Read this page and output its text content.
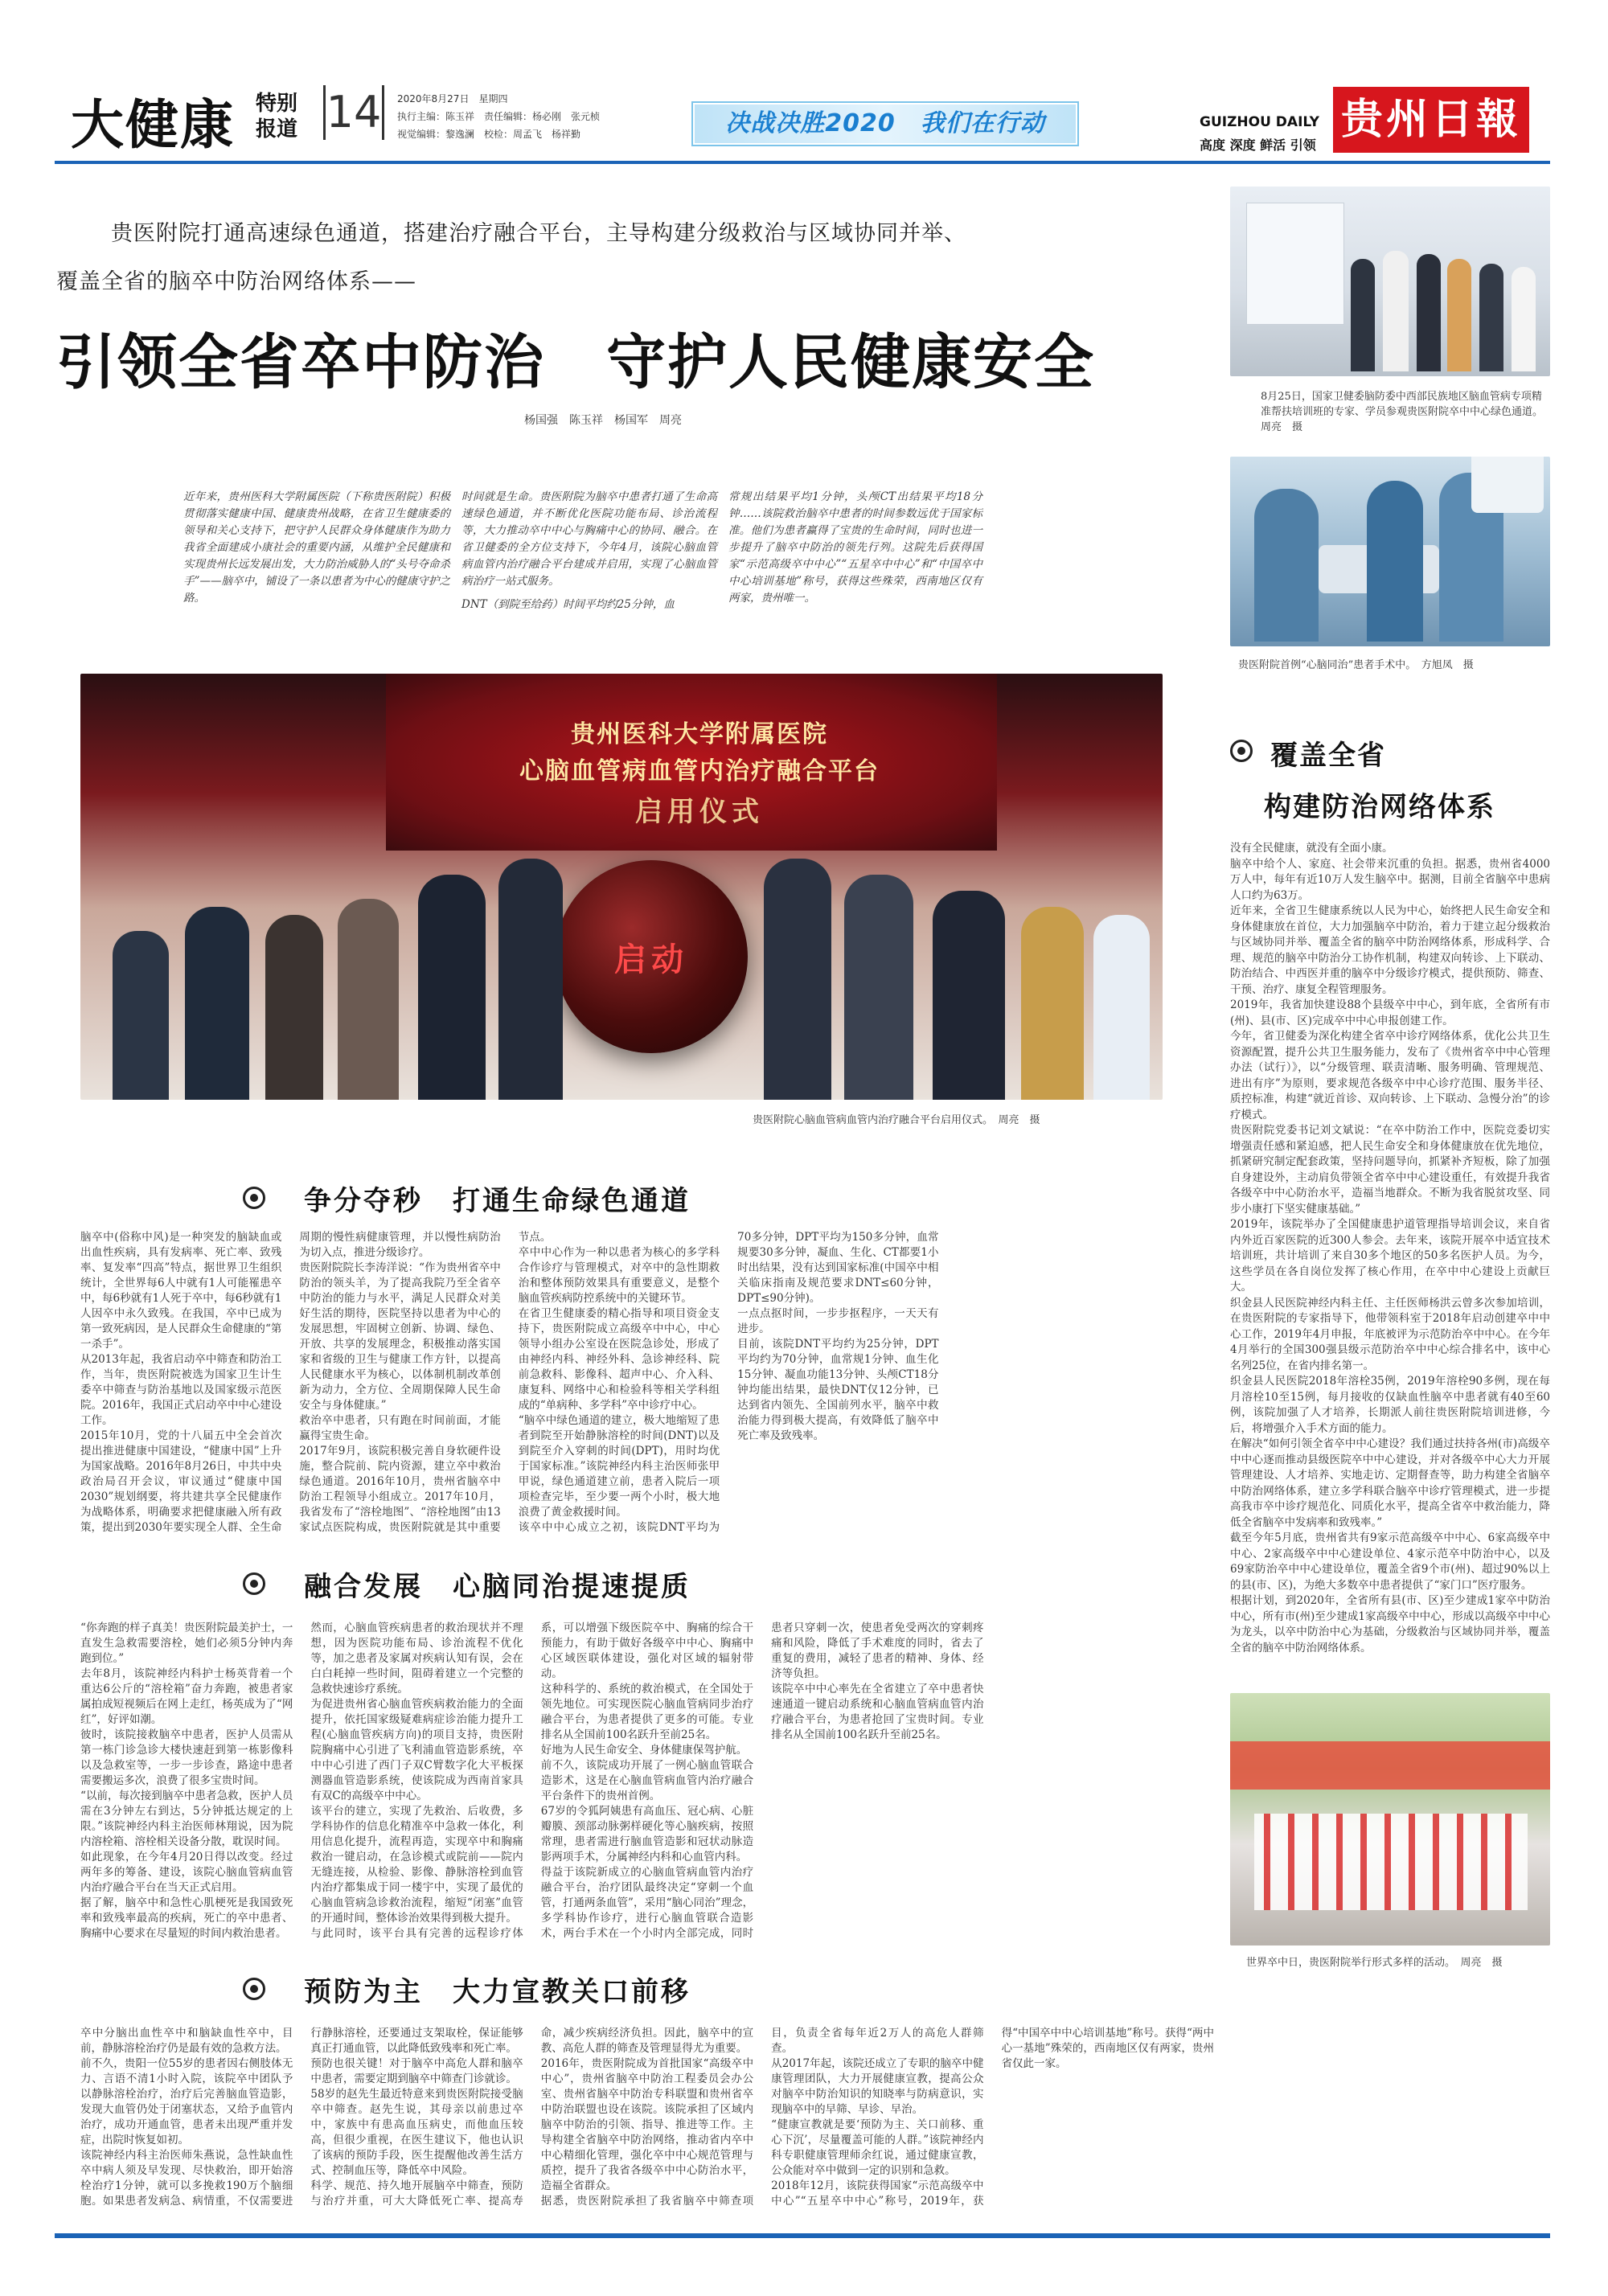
大健康 特别
报道 14 2020年8月27日　星期四
执行主编：陈玉祥　责任编辑：杨必刚　张元桢
视觉编辑：黎逸澜　校检：周孟飞　杨祥勤	决战决胜2020　我们在行动	GUIZHOU DAILY
高度 深度 鲜活 引领
贵州日報
贵医附院打通高速绿色通道，搭建治疗融合平台，主导构建分级救治与区域协同并举、
覆盖全省的脑卒中防治网络体系——
引领全省卒中防治　守护人民健康安全
杨国强　陈玉祥　杨国军　周亮
近年来，贵州医科大学附属医院（下称贵医附院）积极贯彻落实健康中国、健康贵州战略，在省卫生健康委的领导和关心支持下，把守护人民群众身体健康作为助力我省全面建成小康社会的重要内涵，从维护全民健康和实现贵州长远发展出发，大力防治威胁人的“头号夺命杀手”——脑卒中，铺设了一条以患者为中心的健康守护之路。
时间就是生命。贵医附院为脑卒中患者打通了生命高速绿色通道，并不断优化医院功能布局、诊治流程等，大力推动卒中中心与胸痛中心的协同、融合。在省卫健委的全方位支持下，今年4月，该院心脑血管病血管内治疗融合平台建成并启用，实现了心脑血管病治疗一站式服务。
DNT（到院至给药）时间平均约25分钟，血
常规出结果平均1分钟，头颅CT出结果平均18分钟……该院救治脑卒中患者的时间参数远优于国家标准。他们为患者赢得了宝贵的生命时间，同时也进一步提升了脑卒中防治的领先行列。这院先后获得国家“示范高级卒中中心”“五星卒中中心”和“中国卒中中心培训基地”称号，获得这些殊荣，西南地区仅有两家，贵州唯一。
贵州医科大学附属医院
心脑血管病血管内治疗融合平台
启用仪式
启动
贵医附院心脑血管病血管内治疗融合平台启用仪式。　周亮　摄
8月25日，国家卫健委脑防委中西部民族地区脑血管病专项精准帮扶培训班的专家、学员参观贵医附院卒中中心绿色通道。　周亮　摄
贵医附院首例“心脑同治”患者手术中。　方旭凤　摄
覆盖全省
构建防治网络体系
没有全民健康，就没有全面小康。
脑卒中给个人、家庭、社会带来沉重的负担。据悉，贵州省4000万人中，每年有近10万人发生脑卒中。据测，目前全省脑卒中患病人口约为63万。
近年来，全省卫生健康系统以人民为中心，始终把人民生命安全和身体健康放在首位，大力加强脑卒中防治，着力于建立起分级救治与区域协同并举、覆盖全省的脑卒中防治网络体系，形成科学、合理、规范的脑卒中防治分工协作机制，构建双向转诊、上下联动、防治结合、中西医并重的脑卒中分级诊疗模式，提供预防、筛查、干预、治疗、康复全程管理服务。
2019年，我省加快建设88个县级卒中中心，到年底，全省所有市(州)、县(市、区)完成卒中中心申报创建工作。
今年，省卫健委为深化构建全省卒中诊疗网络体系，优化公共卫生资源配置，提升公共卫生服务能力，发布了《贵州省卒中中心管理办法（试行）》，以“分级管理、联责清晰、服务明确、管理规范、进出有序”为原则，要求规范各级卒中中心诊疗范围、服务半径、质控标准，构建“就近首诊、双向转诊、上下联动、急慢分治”的诊疗模式。
贵医附院党委书记刘文斌说：“在卒中防治工作中，医院竞委切实增强责任感和紧迫感，把人民生命安全和身体健康放在优先地位，抓紧研究制定配套政策，坚持问题导向，抓紧补齐短板，除了加强自身建设外，主动肩负带领全省卒中中心建设重任，有效提升我省各级卒中中心防治水平，造福当地群众。不断为我省脱贫攻坚、同步小康打下坚实健康基础。”
2019年，该院举办了全国健康患护道管理指导培训会议，来自省内外近百家医院的近300人参会。去年来，该院开展卒中适宜技术培训班，共计培训了来自30多个地区的50多名医护人员。为今，这些学员在各自岗位发挥了核心作用，在卒中中心建设上贡献巨大。
织金县人民医院神经内科主任、主任医师杨洪云曾多次参加培训，在贵医附院的专家指导下，他带领科室于2018年启动创建卒中中心工作，2019年4月申报，年底被评为示范防治卒中中心。在今年4月举行的全国300强县级示范防治卒中中心综合排名中，该中心名列25位，在省内排名第一。
织金县人民医院2018年溶栓35例，2019年溶栓90多例，现在每月溶栓10至15例，每月接收的仅缺血性脑卒中患者就有40至60例，该院加强了人才培养，长期派人前往贵医附院培训进修，今后，将增强介入手术方面的能力。
在解决“如何引领全省卒中中心建设？我们通过扶持各州(市)高级卒中中心逐而推动县级医院卒中中心建设，并对各级卒中心大力开展管理建设、人才培养、实地走访、定期督查等，助力构建全省脑卒中防治网络体系，建立多学科联合脑卒中诊疗管理模式，进一步提高我市卒中诊疗规范化、同质化水平，提高全省卒中救治能力，降低全省脑卒中发病率和致残率。”
截至今年5月底，贵州省共有9家示范高级卒中中心、6家高级卒中中心、2家高级卒中中心建设单位、4家示范卒中防治中心，以及69家防治卒中中心建设单位，覆盖全省9个市(州)、超过90%以上的县(市、区)，为绝大多数卒中患者提供了“家门口”医疗服务。
根据计划，到2020年，全省所有县(市、区)至少建成1家卒中防治中心，所有市(州)至少建成1家高级卒中中心，形成以高级卒中中心为龙头，以卒中防治中心为基础，分级救治与区域协同并举，覆盖全省的脑卒中防治网络体系。
世界卒中日，贵医附院举行形式多样的活动。　周亮　摄
争分夺秒　打通生命绿色通道
脑卒中(俗称中风)是一种突发的脑缺血或出血性疾病，具有发病率、死亡率、致残率、复发率“四高”特点，据世界卫生组织统计，全世界每6人中就有1人可能罹患卒中，每6秒就有1人死于卒中，每6秒就有1人因卒中永久致残。在我国，卒中已成为第一致死病因，是人民群众生命健康的“第一杀手”。
从2013年起，我省启动卒中筛查和防治工作，当年，贵医附院被选为国家卫生计生委卒中筛查与防治基地以及国家级示范医院。2016年，我国正式启动卒中中心建设工作。
2015年10月，党的十八届五中全会首次提出推进健康中国建设，“健康中国”上升为国家战略。2016年8月26日，中共中央政治局召开会议，审议通过“健康中国2030”规划纲要，将共建共享全民健康作为战略体系，明确要求把健康融入所有政策，提出到2030年要实现全人群、全生命周期的慢性病健康管理，并以慢性病防治为切入点，推进分级诊疗。
贵医附院院长李涛洋说：“作为贵州省卒中防治的领头羊，为了提高我院乃至全省卒中防治的能力与水平，满足人民群众对美好生活的期待，医院坚持以患者为中心的发展思想，牢固树立创新、协调、绿色、开放、共享的发展理念，积极推动落实国家和省级的卫生与健康工作方针，以提高人民健康水平为核心，以体制机制改革创新为动力，全方位、全周期保障人民生命安全与身体健康。”
救治卒中患者，只有跑在时间前面，才能赢得宝贵生命。
2017年9月，该院积极完善自身软硬件设施，整合院前、院内资源，建立卒中救治绿色通道。2016年10月，贵州省脑卒中防治工程领导小组成立。2017年10月，我省发布了“溶栓地图”、“溶栓地图”由13家试点医院构成，贵医附院就是其中重要节点。
卒中中心作为一种以患者为核心的多学科合作诊疗与管理模式，对卒中的急性期救治和整体预防效果具有重要意义，是整个脑血管疾病防控系统中的关键环节。
在省卫生健康委的精心指导和项目资金支持下，贵医附院成立高级卒中中心，中心领导小组办公室设在医院急诊处，形成了由神经内科、神经外科、急诊神经科、院前急救科、影像科、超声中心、介入科、康复科、网络中心和检验科等相关学科组成的“单病种、多学科”卒中诊疗中心。
“脑卒中绿色通道的建立，极大地缩短了患者到院至开始静脉溶栓的时间(DNT)以及到院至介入穿刺的时间(DPT)，用时均优于国家标准。”该院神经内科主治医师张甲甲说，绿色通道建立前，患者入院后一项项检查完毕，至少要一两个小时，极大地浪费了黄金救援时间。
该卒中中心成立之初，该院DNT平均为70多分钟，DPT平均为150多分钟，血常规要30多分钟，凝血、生化、CT都要1小时出结果，没有达到国家标准(中国卒中相关临床指南及规范要求DNT≤60分钟，DPT≤90分钟)。
一点点抠时间，一步步抠程序，一天天有进步。
目前，该院DNT平均约为25分钟，DPT平均约为70分钟，血常规1分钟、血生化15分钟、凝血功能13分钟、头颅CT18分钟均能出结果，最快DNT仅12分钟，已达到省内领先、全国前列水平，脑卒中救治能力得到极大提高，有效降低了脑卒中死亡率及致残率。
融合发展　心脑同治提速提质
“你奔跑的样子真美！贵医附院最美护士，一直发生急救需要溶栓，她们必须5分钟内奔跑到位。”
去年8月，该院神经内科护士杨英背着一个重达6公斤的“溶栓箱”奋力奔跑，被患者家属拍成短视频后在网上走红，杨英成为了“网红”，好评如潮。
彼时，该院接救脑卒中患者，医护人员需从第一栋门诊急诊大楼快速赶到第一栋影像科以及急救室等，一步一步诊查，路途中患者需要搬运多次，浪费了很多宝贵时间。
“以前，每次接到脑卒中患者急救，医护人员需在3分钟左右到达，5分钟抵达规定的上限。”该院神经内科主治医师林翔说，因为院内溶栓箱、溶栓相关设备分散，耽误时间。
如此现象，在今年4月20日得以改变。经过两年多的筹备、建设，该院心脑血管病血管内治疗融合平台在当天正式启用。
据了解，脑卒中和急性心肌梗死是我国致死率和致残率最高的疾病，死亡的卒中患者、胸痛中心要求在尽量短的时间内救治患者。
然而，心脑血管疾病患者的救治现状并不理想，因为医院功能布局、诊治流程不优化等，加之患者及家属对疾病认知有误，会在白白耗掉一些时间，阻碍着建立一个完整的急救快速诊疗系统。
为促进贵州省心脑血管疾病救治能力的全面提升，依托国家级疑难病症诊治能力提升工程(心脑血管疾病方向)的项目支持，贵医附院胸痛中心引进了飞利浦血管造影系统，卒中中心引进了西门子双C臂数字化大平板探测器血管造影系统，使该院成为西南首家具有双C的高级卒中中心。
该平台的建立，实现了先救治、后收费，多学科协作的信息化精准卒中急救一体化，利用信息化提升，流程再造，实现卒中和胸痛救治一键启动，在急诊模式或院前——院内无缝连接，从检验、影像、静脉溶栓到血管内治疗都集成于同一楼宇中，实现了最优的心脑血管病急诊救治流程，缩短“闭塞”血管的开通时间，整体诊治效果得到极大提升。
与此同时，该平台具有完善的远程诊疗体系，可以增强下级医院卒中、胸痛的综合干预能力，有助于做好各级卒中中心、胸痛中心区域医联体建设，强化对区域的辐射带动。
这种科学的、系统的救治模式，在全国处于领先地位。可实现医院心脑血管病同步治疗融合平台，为患者提供了更多的可能。专业排名从全国前100名跃升至前25名。
好地为人民生命安全、身体健康保驾护航。
前不久，该院成功开展了一例心脑血管联合造影术，这是在心脑血管病血管内治疗融合平台条件下的贵州首例。
67岁的令狐阿姨患有高血压、冠心病、心脏瓣膜、颈部动脉粥样硬化等心脑疾病，按照常理，患者需进行脑血管造影和冠状动脉造影两项手术，分属神经内科和心血管内科。
得益于该院新成立的心脑血管病血管内治疗融合平台，治疗团队最终决定“穿刺一个血管，打通两条血管”，采用“脑心同治”理念，多学科协作诊疗，进行心脑血管联合造影术，两台手术在一个小时内全部完成，同时患者只穿刺一次，使患者免受两次的穿刺疼痛和风险，降低了手术难度的同时，省去了重复的费用，减轻了患者的精神、身体、经济等负担。
该院卒中中心率先在全省建立了卒中患者快速通道一键启动系统和心脑血管病血管内治疗融合平台，为患者抢回了宝贵时间。专业排名从全国前100名跃升至前25名。
预防为主　大力宣教关口前移
卒中分脑出血性卒中和脑缺血性卒中，目前，静脉溶栓治疗仍是最有效的急救方法。
前不久，贵阳一位55岁的患者因右侧肢体无力、言语不清1小时入院，该院卒中团队予以静脉溶栓治疗，治疗后完善脑血管造影，发现大血管仍处于闭塞状态，又给予血管内治疗，成功开通血管，患者未出现严重并发症，出院时恢复如初。
该院神经内科主治医师朱燕说，急性缺血性卒中病人须及早发现、尽快救治，即开始溶栓治疗1分钟，就可以多挽救190万个脑细胞。如果患者发病急、病情重，不仅需要进行静脉溶栓，还要通过支架取栓，保证能够真正打通血管，以此降低致残率和死亡率。
预防也很关键！对于脑卒中高危人群和脑卒中患者，需要定期到脑卒中筛查门诊就诊。
58岁的赵先生最近特意来到贵医附院接受脑卒中筛查。赵先生说，其母亲以前患过卒中，家族中有患高血压病史，而他血压较高，但很少重视，在医生建议下，他也认识了该病的预防手段，医生提醒他改善生活方式、控制血压等，降低卒中风险。
科学、规范、持久地开展脑卒中筛查，预防与治疗并重，可大大降低死亡率、提高寿命，减少疾病经济负担。因此，脑卒中的宣教、高危人群的筛查及管理显得尤为重要。
2016年，贵医附院成为首批国家“高级卒中中心”，贵州省脑卒中防治工程委员会办公室、贵州省脑卒中防治专科联盟和贵州省卒中防治联盟也设在该院。该院承担了区域内脑卒中防治的引领、指导、推进等工作。主导构建全省脑卒中防治网络，推动省内卒中中心精细化管理，强化卒中中心规范管理与质控，提升了我省各级卒中中心防治水平，造福全省群众。
据悉，贵医附院承担了我省脑卒中筛查项目，负责全省每年近2万人的高危人群筛查。
从2017年起，该院还成立了专职的脑卒中健康管理团队，大力开展健康宣教，提高公众对脑卒中防治知识的知晓率与防病意识，实现脑卒中的早筛、早诊、早治。
“健康宣教就是要‘预防为主、关口前移、重心下沉’，尽量覆盖可能的人群。”该院神经内科专职健康管理师余红说，通过健康宣教，公众能对卒中做到一定的识别和急救。
2018年12月，该院获得国家“示范高级卒中中心”“五星卒中中心”称号，2019年，获得“中国卒中中心培训基地”称号。获得“两中心一基地”殊荣的，西南地区仅有两家，贵州省仅此一家。
